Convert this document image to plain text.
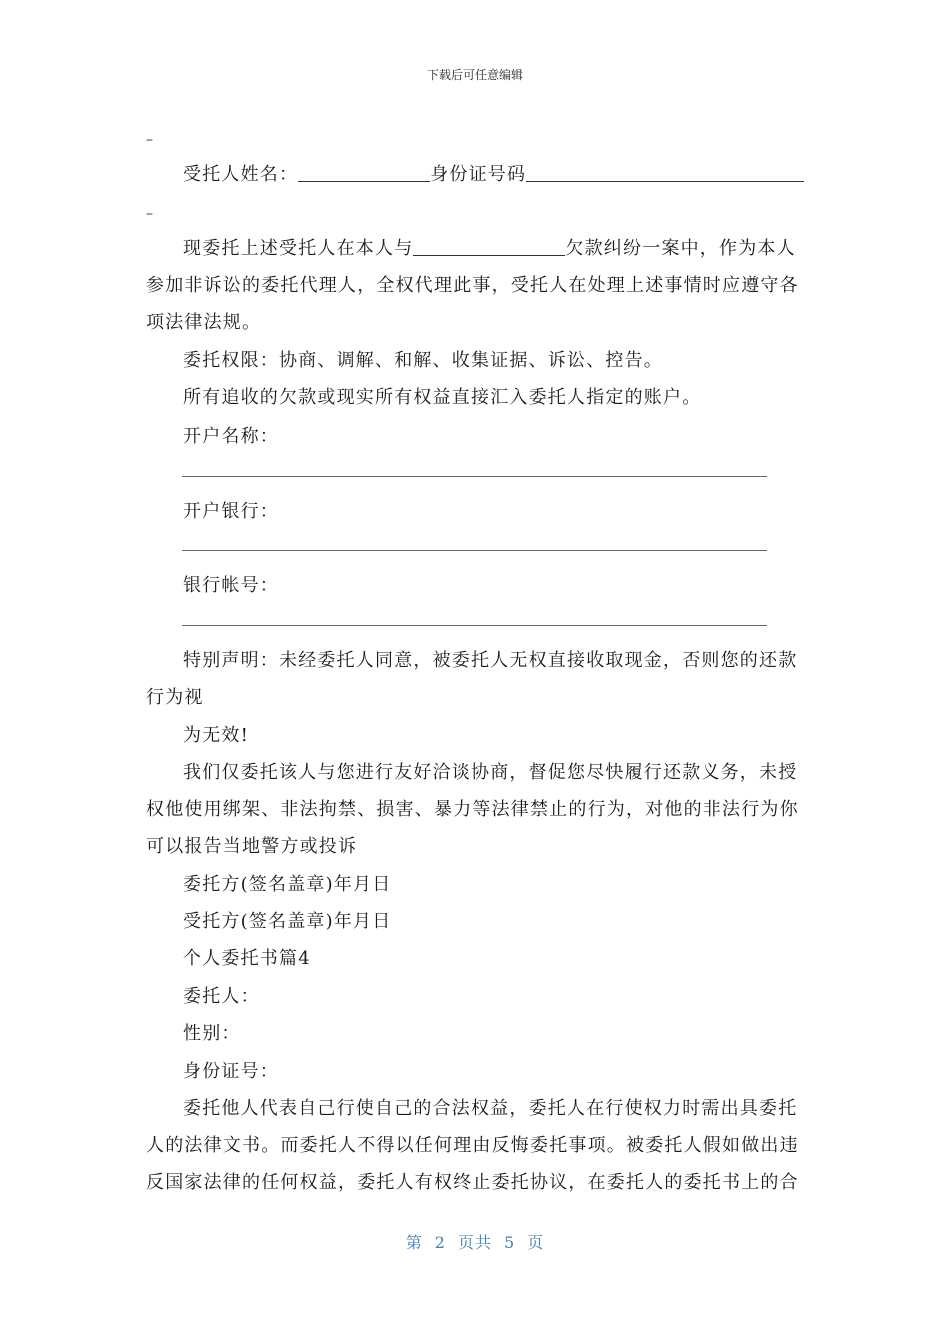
下载后可任意编辑
–
受托人姓名：	身份证号码
–
现委托上述受托人在本人与	欠款纠纷一案中，作为本人
参加非诉讼的委托代理人，全权代理此事，受托人在处理上述事情时应遵守各
项法律法规。
委托权限：协商、调解、和解、收集证据、诉讼、控告。
所有追收的欠款或现实所有权益直接汇入委托人指定的账户。
开户名称：
开户银行：
银行帐号：
特别声明：未经委托人同意，被委托人无权直接收取现金，否则您的还款
行为视
为无效!
我们仅委托该人与您进行友好洽谈协商，督促您尽快履行还款义务，未授
权他使用绑架、非法拘禁、损害、暴力等法律禁止的行为，对他的非法行为你
可以报告当地警方或投诉
委托方(签名盖章)年月日
受托方(签名盖章)年月日
个人委托书篇4
委托人：
性别：
身份证号：
委托他人代表自己行使自己的合法权益，委托人在行使权力时需出具委托
人的法律文书。而委托人不得以任何理由反悔委托事项。被委托人假如做出违
反国家法律的任何权益，委托人有权终止委托协议，在委托人的委托书上的合
第 2 页共 5 页
